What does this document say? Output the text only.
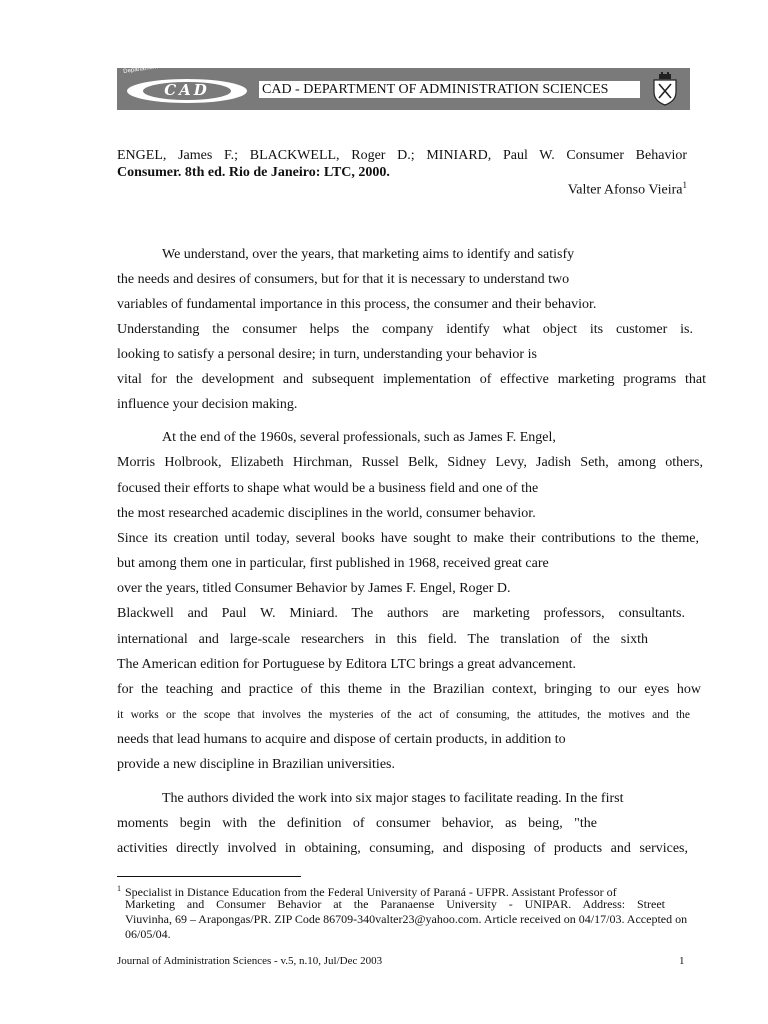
Departamento de Ciências da Administração
CAD	CAD - DEPARTMENT OF ADMINISTRATION SCIENCES
ENGEL, James F.; BLACKWELL, Roger D.; MINIARD, Paul W. Consumer Behavior
Consumer. 8th ed. Rio de Janeiro: LTC, 2000.
Valter Afonso Vieira$^1$
We understand, over the years, that marketing aims to identify and satisfy
the needs and desires of consumers, but for that it is necessary to understand two
variables of fundamental importance in this process, the consumer and their behavior.
Understanding the consumer helps the company identify what object its customer is.
looking to satisfy a personal desire; in turn, understanding your behavior is
vital for the development and subsequent implementation of effective marketing programs that
influence your decision making.
At the end of the 1960s, several professionals, such as James F. Engel,
Morris Holbrook, Elizabeth Hirchman, Russel Belk, Sidney Levy, Jadish Seth, among others,
focused their efforts to shape what would be a business field and one of the
the most researched academic disciplines in the world, consumer behavior.
Since its creation until today, several books have sought to make their contributions to the theme,
but among them one in particular, first published in 1968, received great care
over the years, titled Consumer Behavior by James F. Engel, Roger D.
Blackwell and Paul W. Miniard. The authors are marketing professors, consultants.
international and large-scale researchers in this field. The translation of the sixth
The American edition for Portuguese by Editora LTC brings a great advancement.
for the teaching and practice of this theme in the Brazilian context, bringing to our eyes how
it works or the scope that involves the mysteries of the act of consuming, the attitudes, the motives and the
needs that lead humans to acquire and dispose of certain products, in addition to
provide a new discipline in Brazilian universities.
The authors divided the work into six major stages to facilitate reading. In the first
moments begin with the definition of consumer behavior, as being, "the
activities directly involved in obtaining, consuming, and disposing of products and services,
$^1$ Specialist in Distance Education from the Federal University of Paraná - UFPR. Assistant Professor of
Marketing and Consumer Behavior at the Paranaense University - UNIPAR. Address: Street
Viuvinha, 69 – Arapongas/PR. ZIP Code 86709-340valter23@yahoo.com. Article received on 04/17/03. Accepted on
06/05/04.
Journal of Administration Sciences - v.5, n.10, Jul/Dec 2003	1
